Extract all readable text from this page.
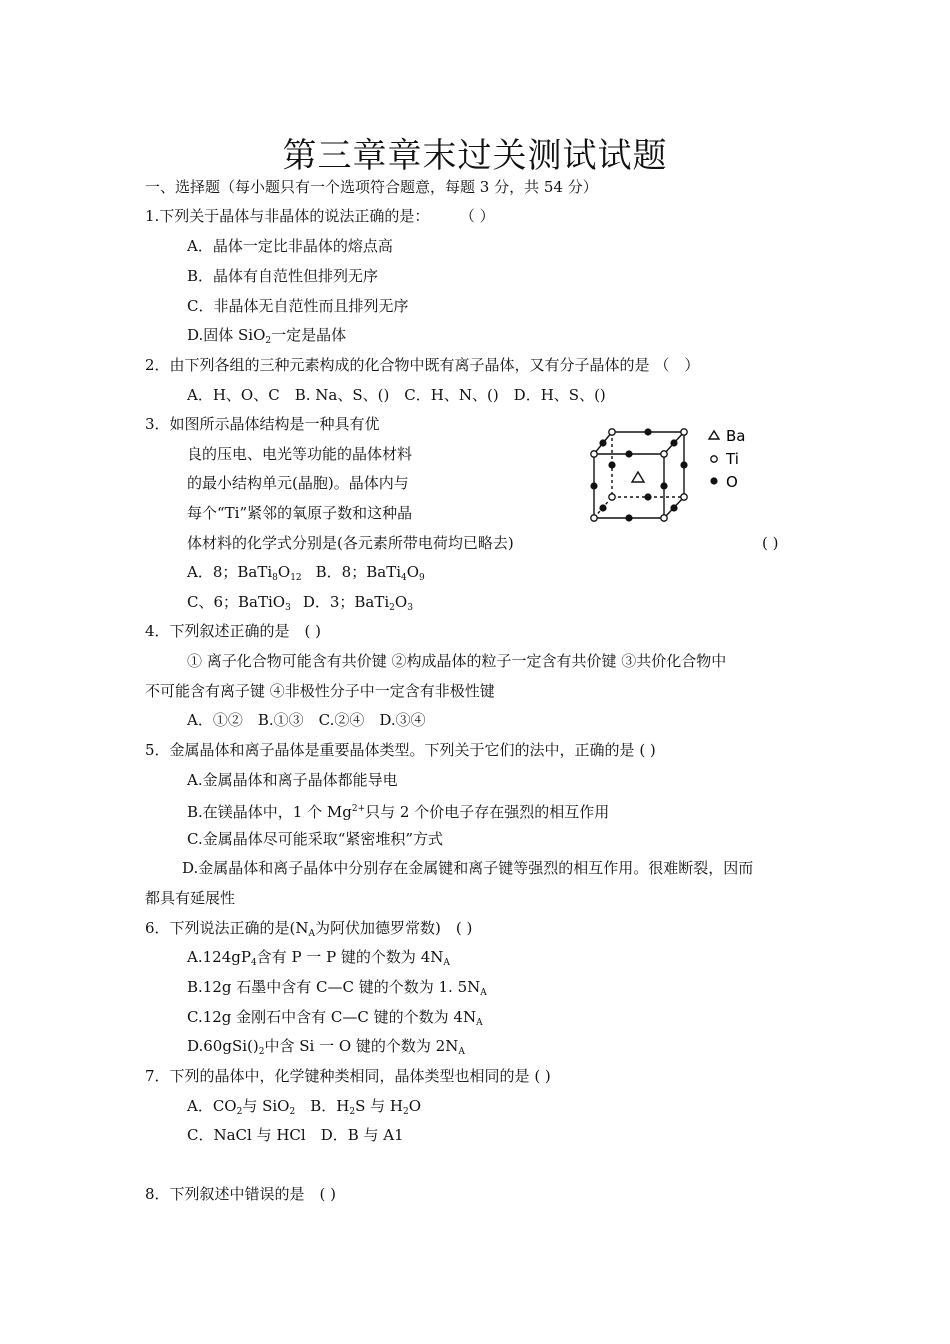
第三章章末过关测试试题
一、选择题（每小题只有一个选项符合题意，每题 3 分，共 54 分）
1.下列关于晶体与非晶体的说法正确的是：	（ ）
A．晶体一定比非晶体的熔点高
B．晶体有自范性但排列无序
C．非晶体无自范性而且排列无序
D.固体 SiO$_2$一定是晶体
2．由下列各组的三种元素构成的化合物中既有离子晶体，又有分子晶体的是 （　）
A．H、O、C　B. Na、S、()　C．H、N、()　D．H、S、()
3．如图所示晶体结构是一种具有优
良的压电、电光等功能的晶体材料
的最小结构单元(晶胞)。晶体内与
每个“Ti”紧邻的氧原子数和这种晶
体材料的化学式分别是(各元素所带电荷均已略去)	( )
Ba
Ti
O
A．8；$BaTi_8O_{12}$ B．8；$BaTi_4O_9$
C、6；BaTiO$_3$ D．3；$BaTi_2O_3$
4．下列叙述正确的是　( )
① 离子化合物可能含有共价键 ②构成晶体的粒子一定含有共价键 ③共价化合物中
不可能含有离子键 ④非极性分子中一定含有非极性键
A．①②　B.①③　C.②④　D.③④
5．金属晶体和离子晶体是重要晶体类型。下列关于它们的法中，正确的是 ( )
A.金属晶体和离子晶体都能导电
B.在镁晶体中，1 个 $Mg^{2+}$只与 2 个价电子存在强烈的相互作用
C.金属晶体尽可能采取“紧密堆积”方式
D.金属晶体和离子晶体中分别存在金属键和离子键等强烈的相互作用。很难断裂，因而
都具有延展性
6．下列说法正确的是($N_A$为阿伏加德罗常数)　( )
$A.124gP_4$含有 P 一 P 键的个数为 $4N_A$
B.12g 石墨中含有 C—C 键的个数为 1. $5N_A$
C.12g 金刚石中含有 C—C 键的个数为 $4N_A$
$D.60gSi()_2$中含 Si 一 O 键的个数为 $2N_A$
7．下列的晶体中，化学键种类相同，晶体类型也相同的是 ( )
A．$CO_2$与 SiO$_2$　B．$H_2S$ 与 $H_2O$
C．NaCl 与 HCl　D．B 与 A1
8．下列叙述中错误的是　( )
